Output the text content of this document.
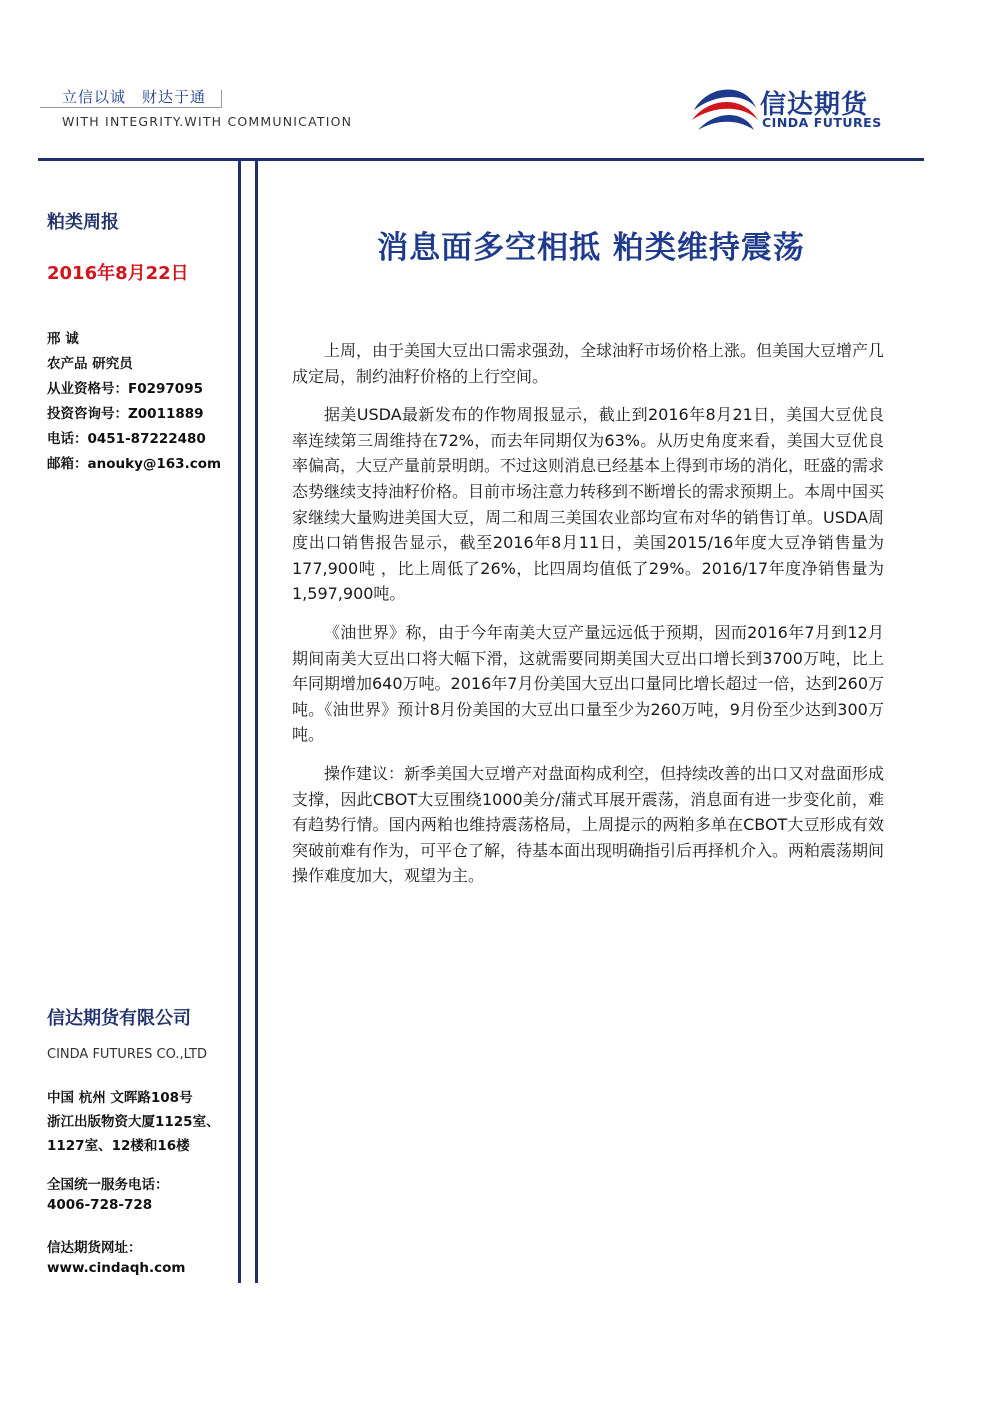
立信以诚　财达于通
WITH INTEGRITY.WITH COMMUNICATION
信达期货
CINDA FUTURES
粕类周报
2016年8月22日
邢 诚
农产品 研究员
从业资格号：F0297095
投资咨询号：Z0011889
电话：0451-87222480
邮箱：anouky@163.com
信达期货有限公司
CINDA FUTURES CO.,LTD
中国 杭州 文晖路108号
浙江出版物资大厦1125室、
1127室、12楼和16楼
全国统一服务电话：
4006-728-728
信达期货网址：
www.cindaqh.com
消息面多空相抵 粕类维持震荡

上周，由于美国大豆出口需求强劲，全球油籽市场价格上涨。但美国大豆增产几成定局，制约油籽价格的上行空间。

据美USDA最新发布的作物周报显示，截止到2016年8月21日，美国大豆优良率连续第三周维持在72%，而去年同期仅为63%。从历史角度来看，美国大豆优良率偏高，大豆产量前景明朗。不过这则消息已经基本上得到市场的消化，旺盛的需求态势继续支持油籽价格。目前市场注意力转移到不断增长的需求预期上。本周中国买家继续大量购进美国大豆，周二和周三美国农业部均宣布对华的销售订单。USDA周度出口销售报告显示，截至2016年8月11日，美国2015/16年度大豆净销售量为177,900吨 ，比上周低了26%，比四周均值低了29%。2016/17年度净销售量为1,597,900吨。

《油世界》称，由于今年南美大豆产量远远低于预期，因而2016年7月到12月期间南美大豆出口将大幅下滑，这就需要同期美国大豆出口增长到3700万吨，比上年同期增加640万吨。2016年7月份美国大豆出口量同比增长超过一倍，达到260万吨。《油世界》预计8月份美国的大豆出口量至少为260万吨，9月份至少达到300万吨。

操作建议：新季美国大豆增产对盘面构成利空，但持续改善的出口又对盘面形成支撑，因此CBOT大豆围绕1000美分/蒲式耳展开震荡，消息面有进一步变化前，难有趋势行情。国内两粕也维持震荡格局，上周提示的两粕多单在CBOT大豆形成有效突破前难有作为，可平仓了解，待基本面出现明确指引后再择机介入。两粕震荡期间操作难度加大，观望为主。
